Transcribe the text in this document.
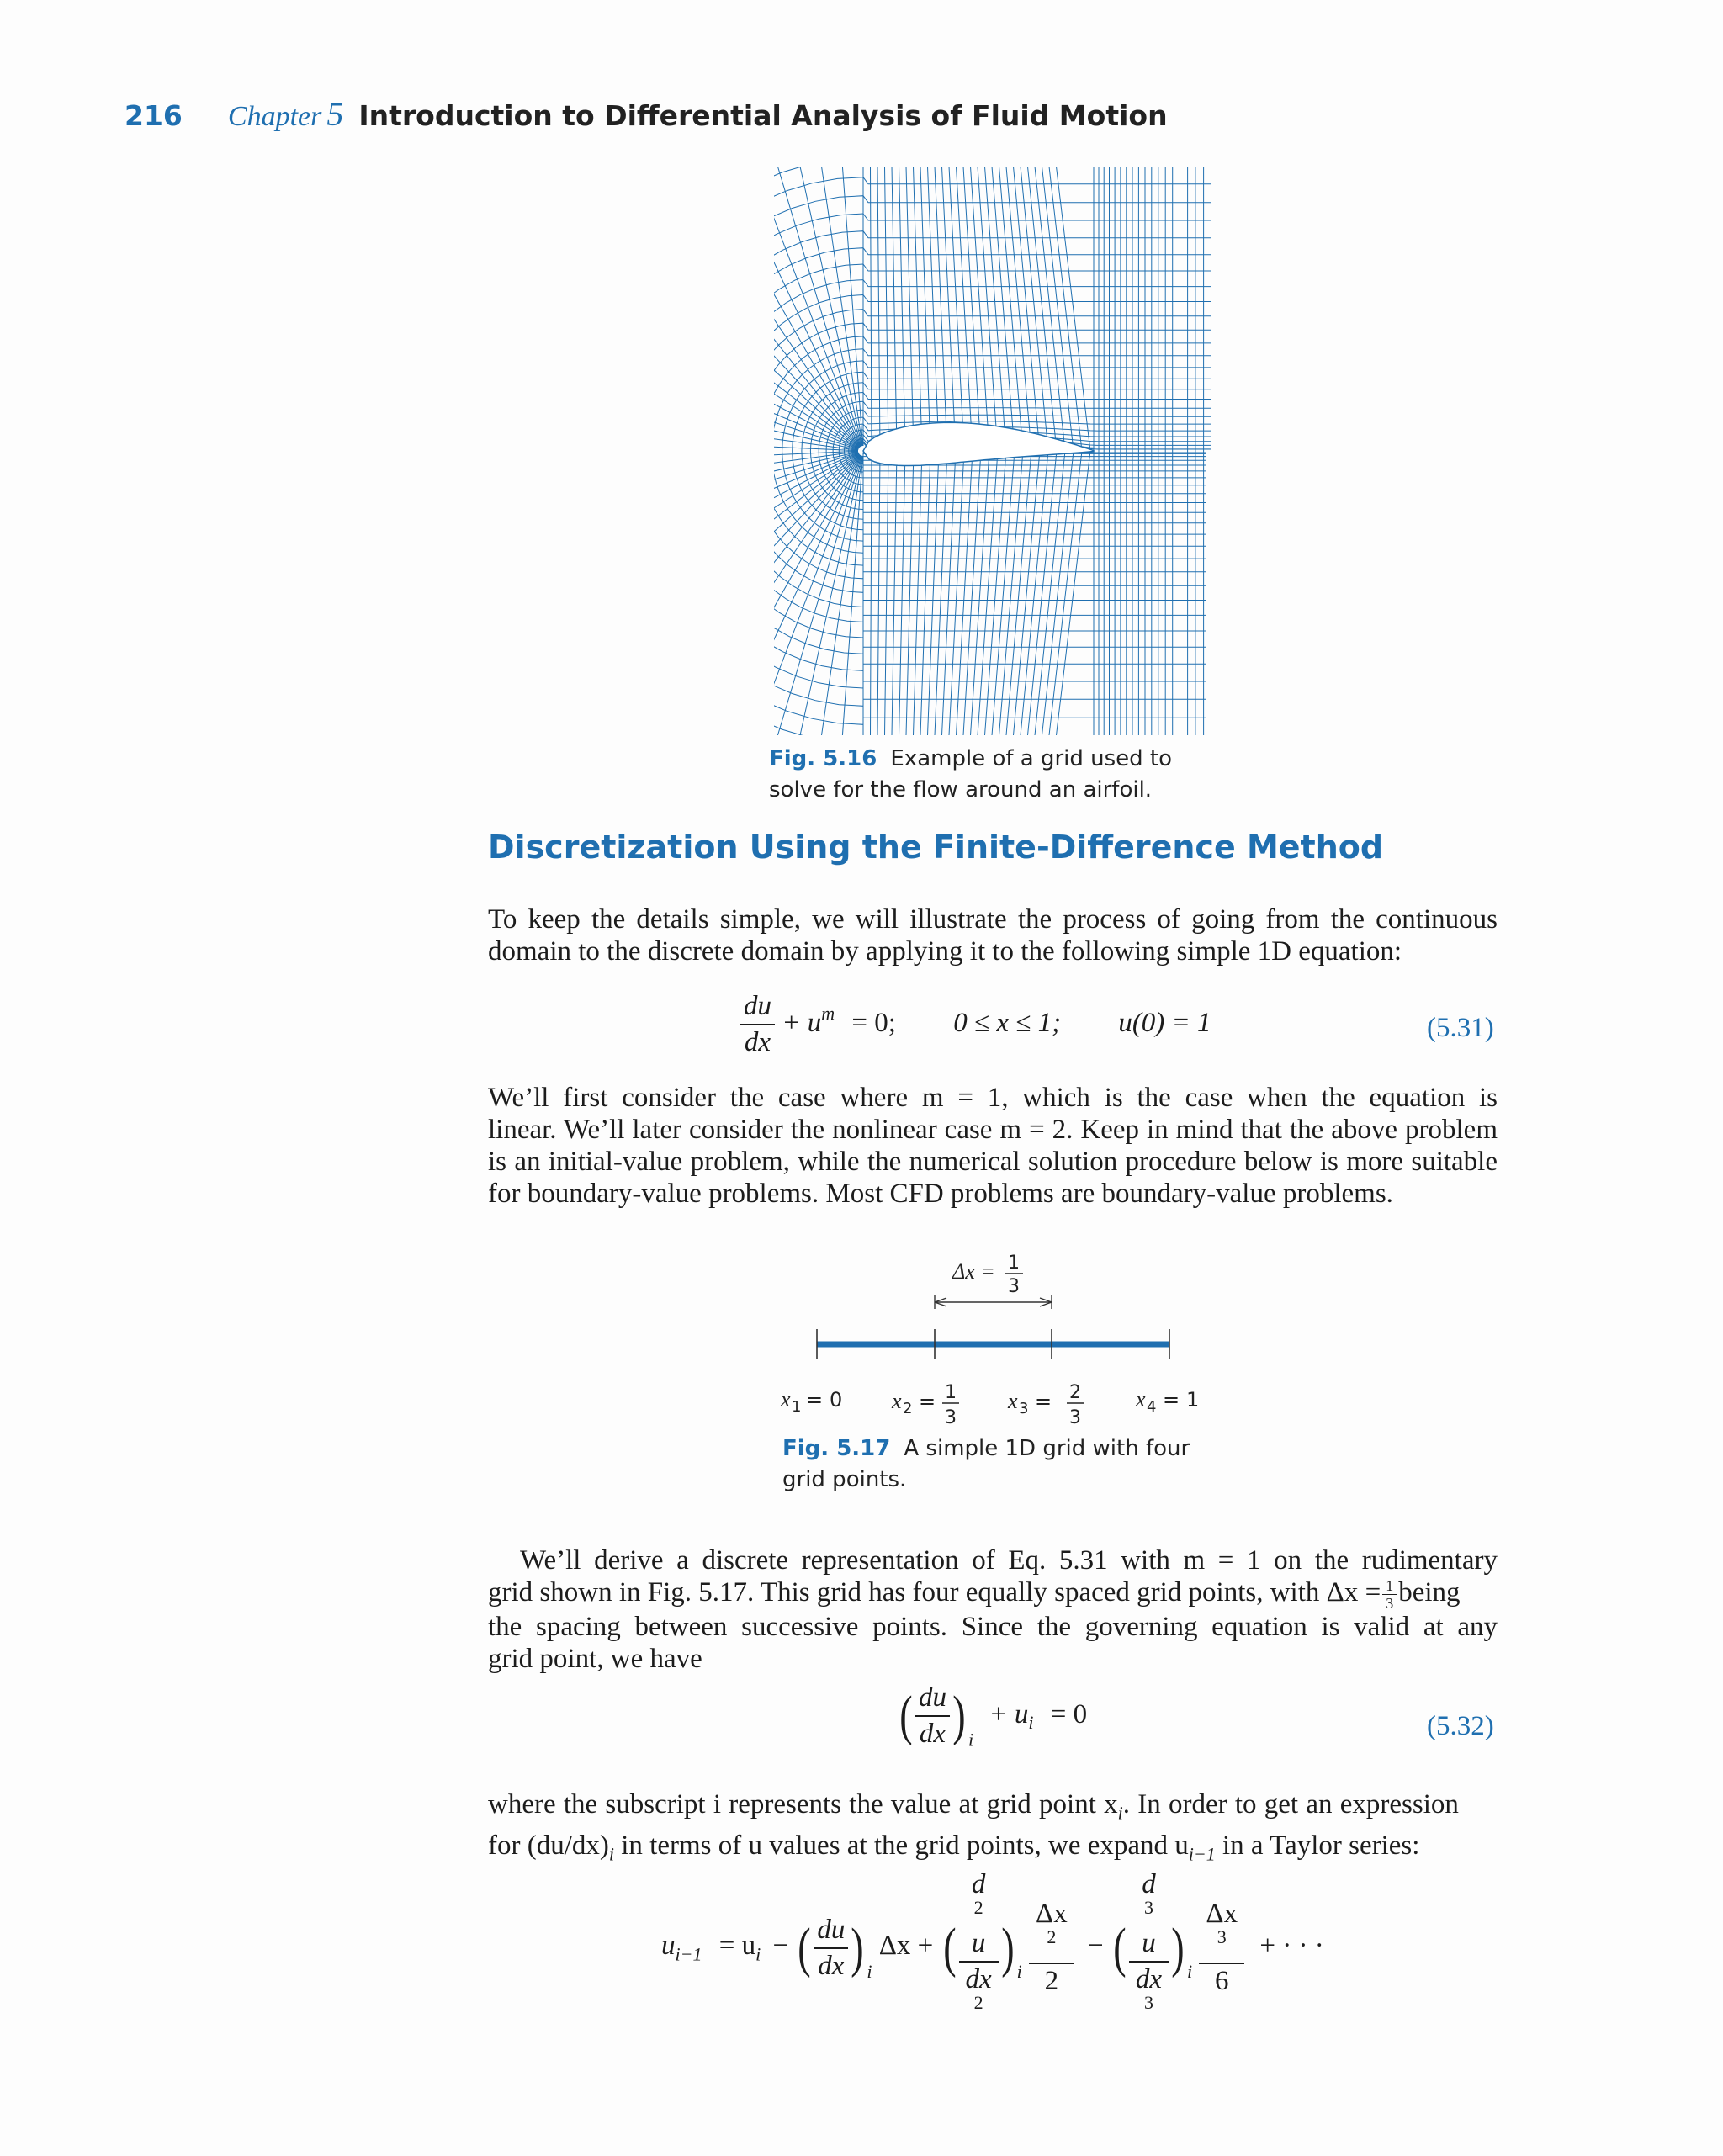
216 Chapter 5 Introduction to Differential Analysis of Fluid Motion
Fig. 5.16 Example of a grid used to
solve for the flow around an airfoil.
Discretization Using the Finite-Difference Method
To keep the details simple, we will illustrate the process of going from the continuous
domain to the discrete domain by applying it to the following simple 1D equation:
$\frac{du}{dx} + u^m = 0$; 0 ≤ x ≤ 1; u(0) = 1	(5.31)
We’ll first consider the case where m = 1, which is the case when the equation is
linear. We’ll later consider the nonlinear case m = 2. Keep in mind that the above problem
is an initial-value problem, while the numerical solution procedure below is more suitable
for boundary-value problems. Most CFD problems are boundary-value problems.
Δx = 1
3
x 1 = 0 x 2 = 1
3
x 3 = 2
3
x 4 = 1
Fig. 5.17 A simple 1D grid with four
grid points.
We’ll derive a discrete representation of Eq. 5.31 with m = 1 on the rudimentary
grid shown in Fig. 5.17. This grid has four equally spaced grid points, with $\Delta x = \frac{1}{3}$ being
the spacing between successive points. Since the governing equation is valid at any
grid point, we have
( $\frac{du}{dx}$ ) $_i + u_i = 0$	(5.32)
where the subscript i represents the value at grid point $x_i$. In order to get an expression
for $(du/dx)_i$ in terms of u values at the grid points, we expand $u_{i-1}$ in a Taylor series:
$u_{i-1} = u_i$ − ( $\frac{du}{dx}$ ) $_i$ Δx + ( d
$^2$
u
dx
$^2$ ) $_i$ Δx
$^2$
2 − ( d
$^3$
u
dx
$^3$ ) $_i$ Δx
$^3$
6 + · · ·
